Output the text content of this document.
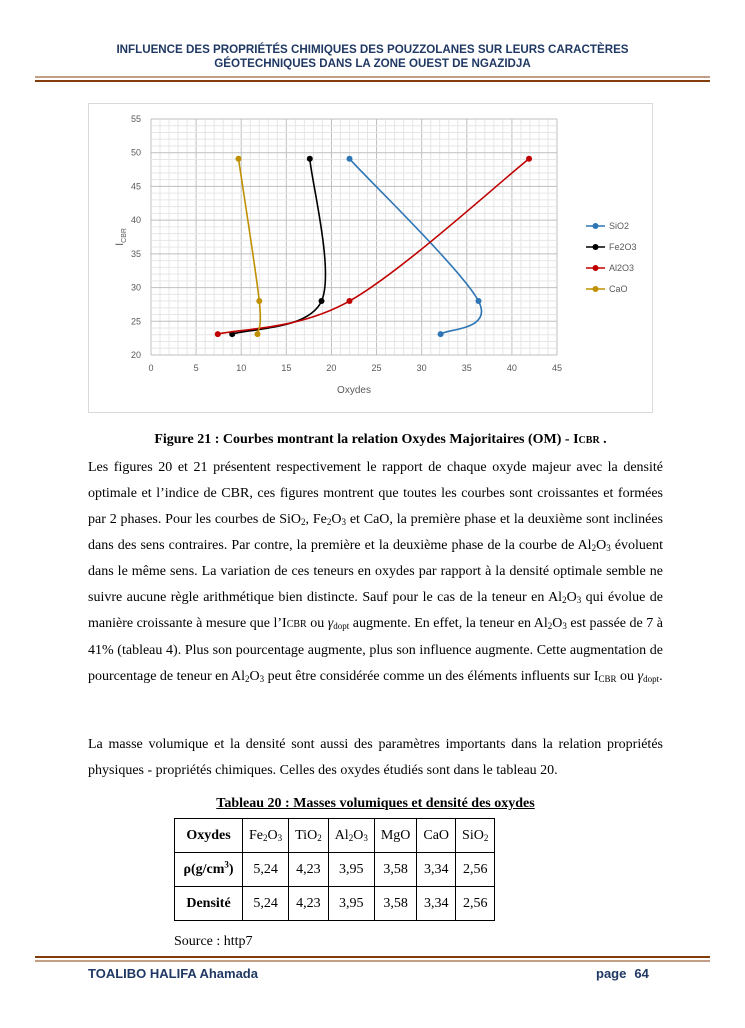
INFLUENCE DES PROPRIÉTÉS CHIMIQUES DES POUZZOLANES SUR LEURS CARACTÈRES
GÉOTECHNIQUES DANS LA ZONE OUEST DE NGAZIDJA
0	5	10	15	20	25	30	35	40	45
20
25
30
35
40
45
50
55
Oxydes
$I_{CBR}$
SiO2
Fe2O3
Al2O3
CaO
Figure 21 : Courbes montrant la relation Oxydes Majoritaires (OM) - ICBR .
Les figures 20 et 21 présentent respectivement le rapport de chaque oxyde majeur avec la densité optimale et l’indice de CBR, ces figures montrent que toutes les courbes sont croissantes et formées par 2 phases. Pour les courbes de SiO$_2$, $Fe_2O_3$ et CaO, la première phase et la deuxième sont inclinées dans des sens contraires. Par contre, la première et la deuxième phase de la courbe de $Al_2O_3$ évoluent dans le même sens. La variation de ces teneurs en oxydes par rapport à la densité optimale semble ne suivre aucune règle arithmétique bien distincte. Sauf pour le cas de la teneur en $Al_2O_3$ qui évolue de manière croissante à mesure que l’ICBR ou $\gamma_{dopt}$ augmente. En effet, la teneur en $Al_2O_3$ est passée de 7 à 41% (tableau 4). Plus son pourcentage augmente, plus son influence augmente. Cette augmentation de pourcentage de teneur en $Al_2O_3$ peut être considérée comme un des éléments influents sur $I_{CBR}$ ou $\gamma_{dopt}$.
La masse volumique et la densité sont aussi des paramètres importants dans la relation propriétés physiques - propriétés chimiques. Celles des oxydes étudiés sont dans le tableau 20.
Tableau 20 : Masses volumiques et densité des oxydes
Oxydes	$Fe_2O_3$	TiO$_2$	$Al_2O_3$	MgO	CaO	SiO$_2$
$\rho(g/cm^3)$	5,24	4,23	3,95	3,58	3,34	2,56
Densité	5,24	4,23	3,95	3,58	3,34	2,56
Source : http7
TOALIBO HALIFA Ahamada	page 64
